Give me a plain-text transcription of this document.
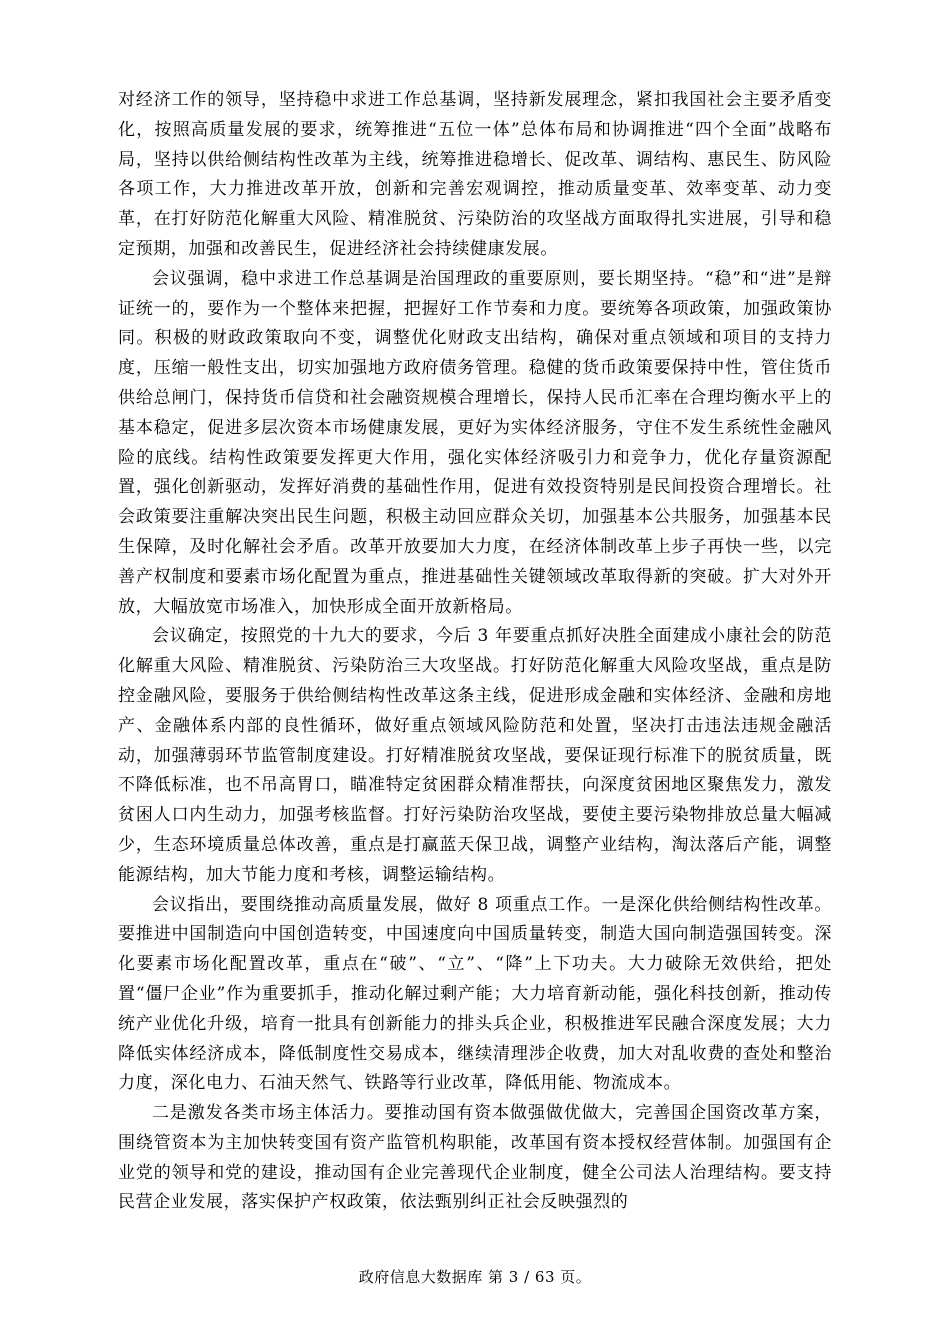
对经济工作的领导，坚持稳中求进工作总基调，坚持新发展理念，紧扣我国社会主要矛盾变化，按照高质量发展的要求，统筹推进“五位一体”总体布局和协调推进“四个全面”战略布局，坚持以供给侧结构性改革为主线，统筹推进稳增长、促改革、调结构、惠民生、防风险各项工作，大力推进改革开放，创新和完善宏观调控，推动质量变革、效率变革、动力变革，在打好防范化解重大风险、精准脱贫、污染防治的攻坚战方面取得扎实进展，引导和稳定预期，加强和改善民生，促进经济社会持续健康发展。

会议强调，稳中求进工作总基调是治国理政的重要原则，要长期坚持。“稳”和“进”是辩证统一的，要作为一个整体来把握，把握好工作节奏和力度。要统筹各项政策，加强政策协同。积极的财政政策取向不变，调整优化财政支出结构，确保对重点领域和项目的支持力度，压缩一般性支出，切实加强地方政府债务管理。稳健的货币政策要保持中性，管住货币供给总闸门，保持货币信贷和社会融资规模合理增长，保持人民币汇率在合理均衡水平上的基本稳定，促进多层次资本市场健康发展，更好为实体经济服务，守住不发生系统性金融风险的底线。结构性政策要发挥更大作用，强化实体经济吸引力和竞争力，优化存量资源配置，强化创新驱动，发挥好消费的基础性作用，促进有效投资特别是民间投资合理增长。社会政策要注重解决突出民生问题，积极主动回应群众关切，加强基本公共服务，加强基本民生保障，及时化解社会矛盾。改革开放要加大力度，在经济体制改革上步子再快一些，以完善产权制度和要素市场化配置为重点，推进基础性关键领域改革取得新的突破。扩大对外开放，大幅放宽市场准入，加快形成全面开放新格局。

会议确定，按照党的十九大的要求，今后 3 年要重点抓好决胜全面建成小康社会的防范化解重大风险、精准脱贫、污染防治三大攻坚战。打好防范化解重大风险攻坚战，重点是防控金融风险，要服务于供给侧结构性改革这条主线，促进形成金融和实体经济、金融和房地产、金融体系内部的良性循环，做好重点领域风险防范和处置，坚决打击违法违规金融活动，加强薄弱环节监管制度建设。打好精准脱贫攻坚战，要保证现行标准下的脱贫质量，既不降低标准，也不吊高胃口，瞄准特定贫困群众精准帮扶，向深度贫困地区聚焦发力，激发贫困人口内生动力，加强考核监督。打好污染防治攻坚战，要使主要污染物排放总量大幅减少，生态环境质量总体改善，重点是打赢蓝天保卫战，调整产业结构，淘汰落后产能，调整能源结构，加大节能力度和考核，调整运输结构。

会议指出，要围绕推动高质量发展，做好 8 项重点工作。一是深化供给侧结构性改革。要推进中国制造向中国创造转变，中国速度向中国质量转变，制造大国向制造强国转变。深化要素市场化配置改革，重点在“破”、“立”、“降”上下功夫。大力破除无效供给，把处置“僵尸企业”作为重要抓手，推动化解过剩产能；大力培育新动能，强化科技创新，推动传统产业优化升级，培育一批具有创新能力的排头兵企业，积极推进军民融合深度发展；大力降低实体经济成本，降低制度性交易成本，继续清理涉企收费，加大对乱收费的查处和整治力度，深化电力、石油天然气、铁路等行业改革，降低用能、物流成本。

二是激发各类市场主体活力。要推动国有资本做强做优做大，完善国企国资改革方案，围绕管资本为主加快转变国有资产监管机构职能，改革国有资本授权经营体制。加强国有企业党的领导和党的建设，推动国有企业完善现代企业制度，健全公司法人治理结构。要支持民营企业发展，落实保护产权政策，依法甄别纠正社会反映强烈的

政府信息大数据库 第 3 / 63 页。
